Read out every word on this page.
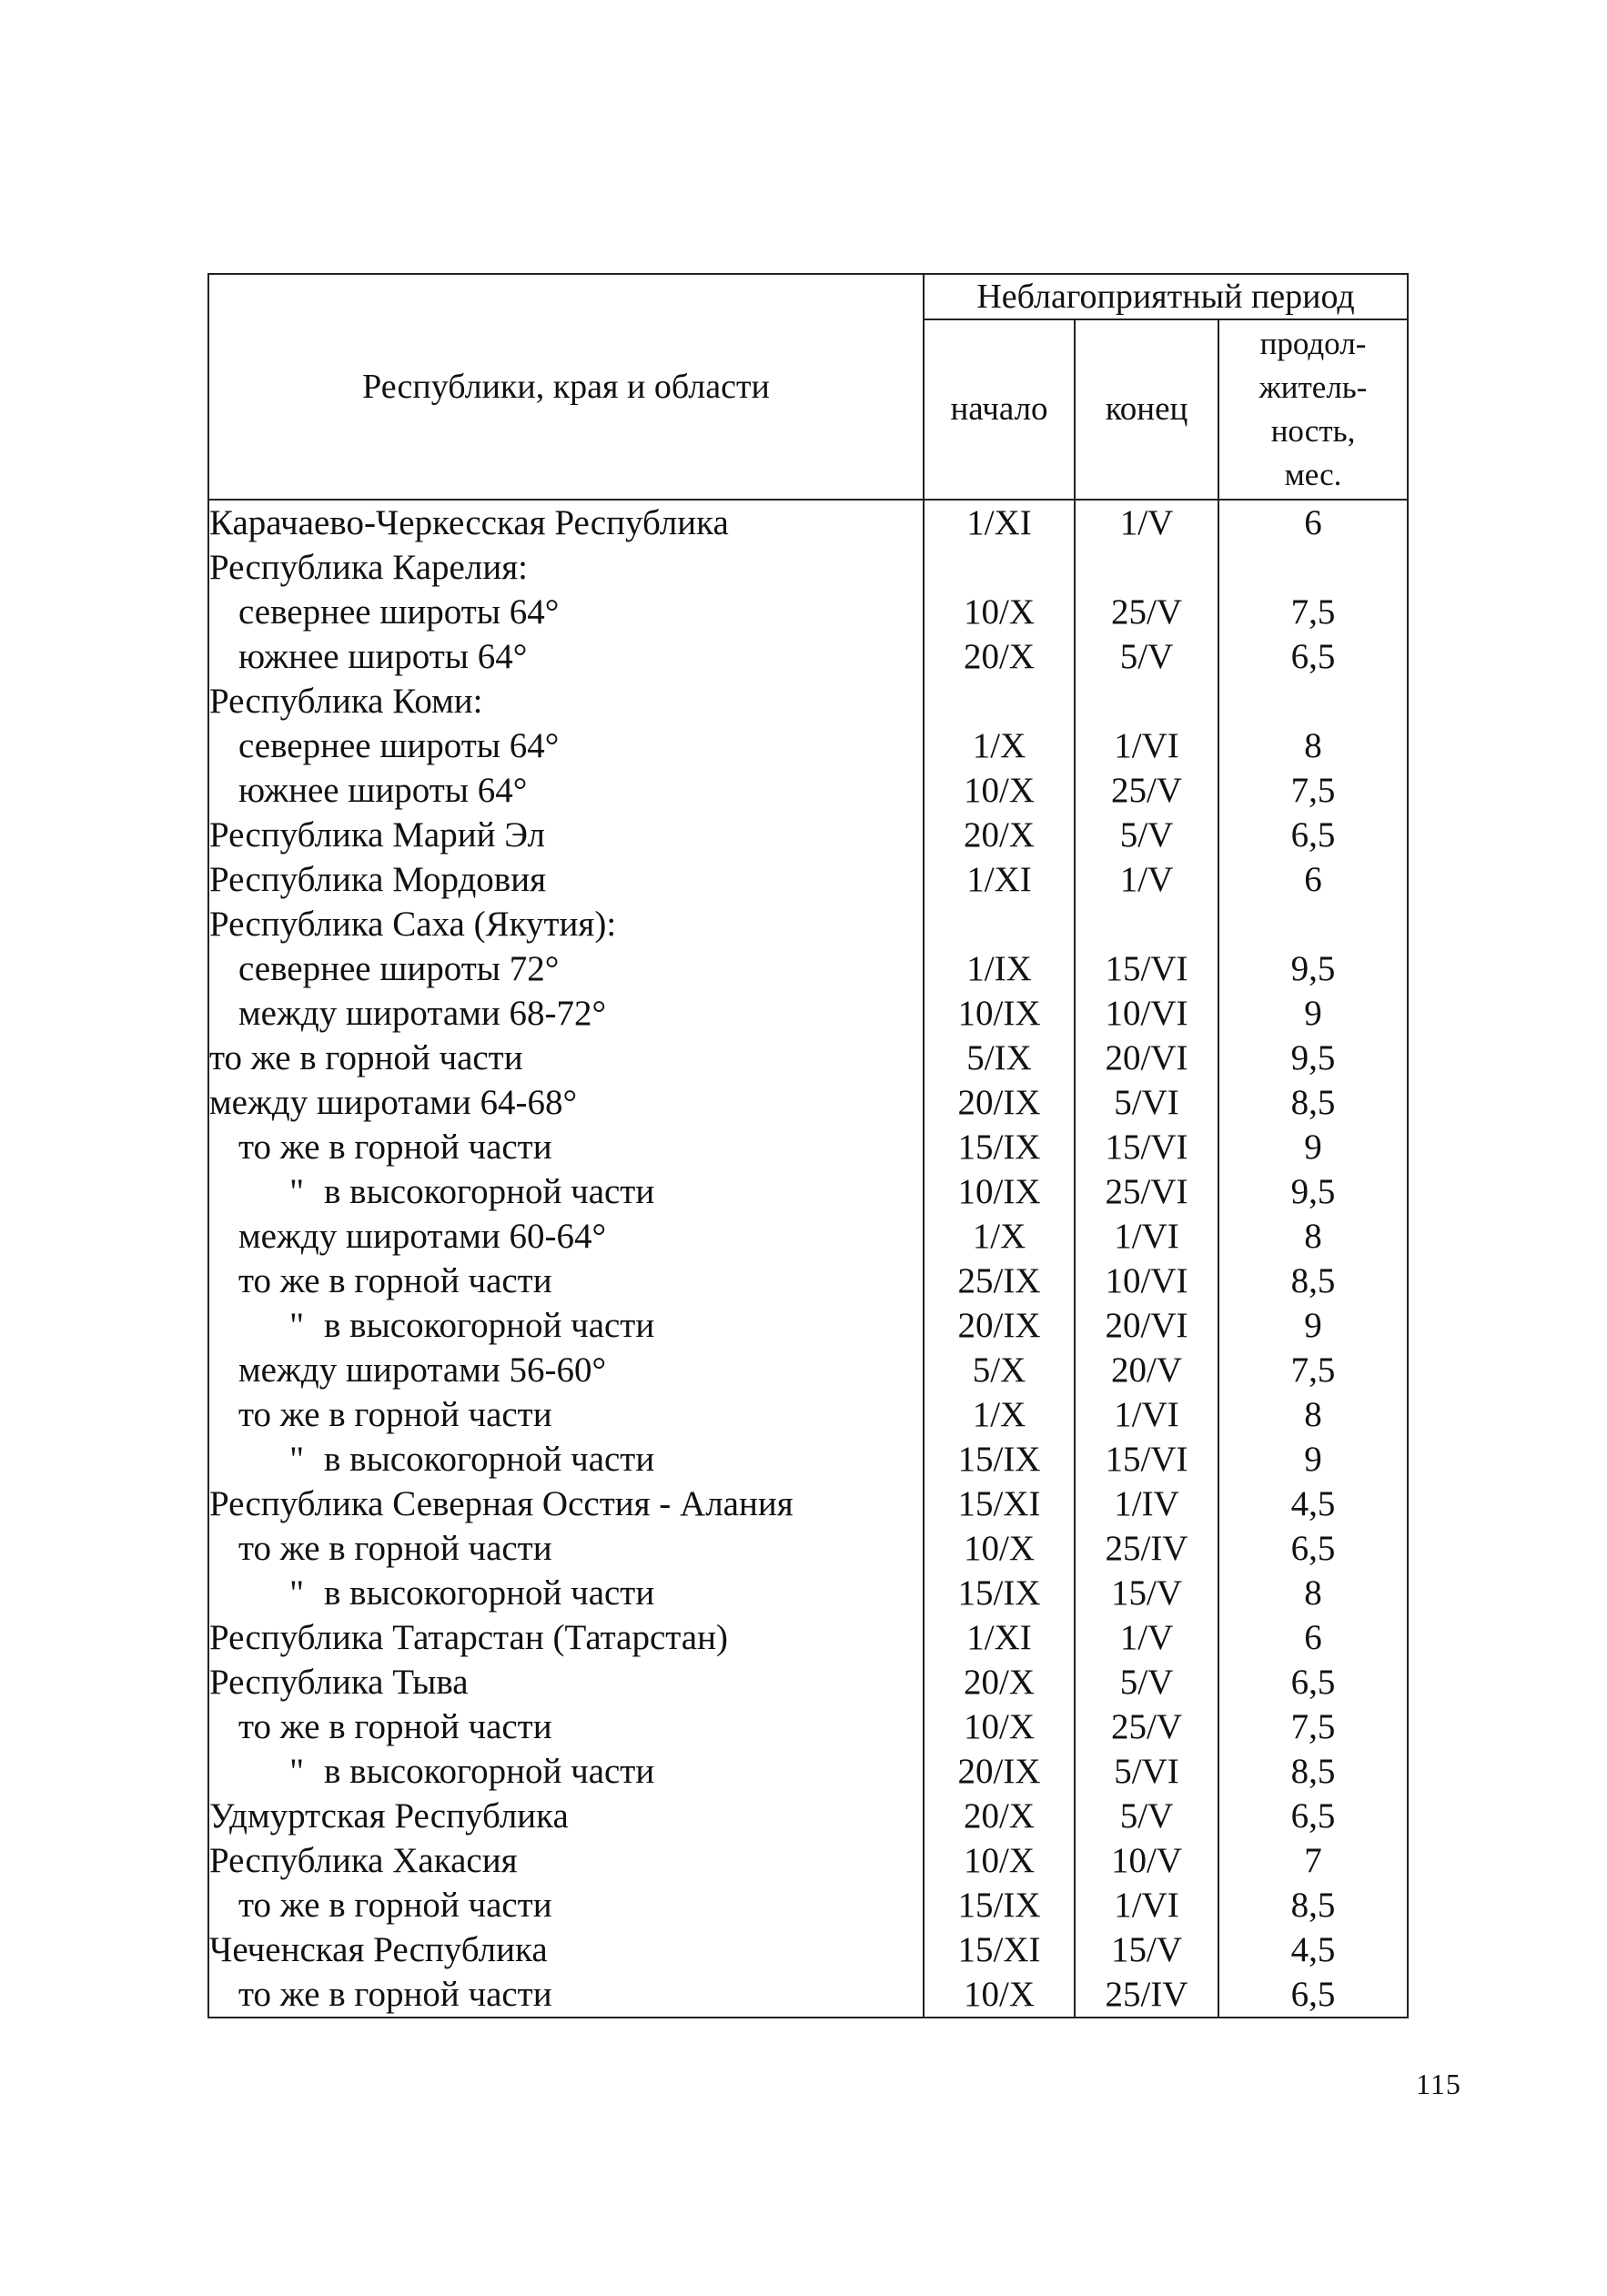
Республики, края и области	Неблагоприятный период		
	начало	конец	продол-
житель-
ность,
мес.

Карачаево-Черкесская Республика	1/XI	1/V	6
Республика Карелия:			
севернее широты 64°	10/X	25/V	7,5
южнее широты 64°	20/X	5/V	6,5
Республика Коми:			
севернее широты 64°	1/X	1/VI	8
южнее широты 64°	10/X	25/V	7,5
Республика Марий Эл	20/X	5/V	6,5
Республика Мордовия	1/XI	1/V	6
Республика Саха (Якутия):			
севернее широты 72°	1/IX	15/VI	9,5
между широтами 68-72°	10/IX	10/VI	9
то же в горной части	5/IX	20/VI	9,5
между широтами 64-68°	20/IX	5/VI	8,5
то же в горной части	15/IX	15/VI	9
" в высокогорной части	10/IX	25/VI	9,5
между широтами 60-64°	1/X	1/VI	8
то же в горной части	25/IX	10/VI	8,5
" в высокогорной части	20/IX	20/VI	9
между широтами 56-60°	5/X	20/V	7,5
то же в горной части	1/X	1/VI	8
" в высокогорной части	15/IX	15/VI	9
Республика Северная Осстия - Алания	15/XI	1/IV	4,5
то же в горной части	10/X	25/IV	6,5
" в высокогорной части	15/IX	15/V	8
Республика Татарстан (Татарстан)	1/XI	1/V	6
Республика Тыва	20/X	5/V	6,5
то же в горной части	10/X	25/V	7,5
" в высокогорной части	20/IX	5/VI	8,5
Удмуртская Республика	20/X	5/V	6,5
Республика Хакасия	10/X	10/V	7
то же в горной части	15/IX	1/VI	8,5
Чеченская Республика	15/XI	15/V	4,5
то же в горной части	10/X	25/IV	6,5
115
